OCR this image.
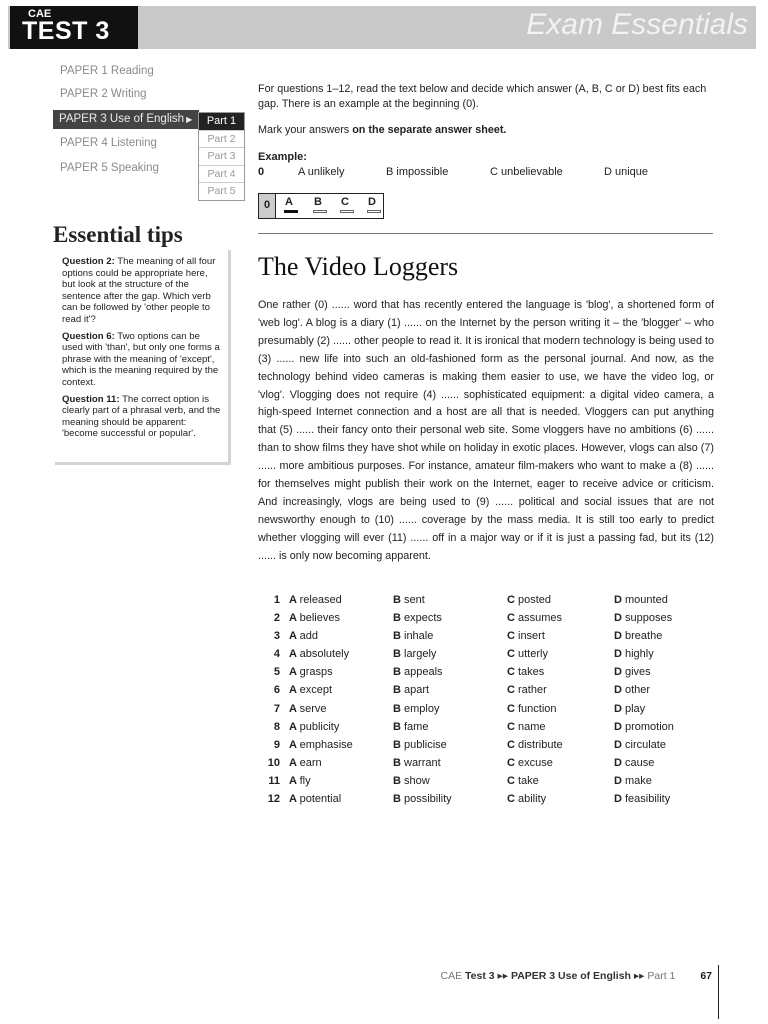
CAE
TEST 3	Exam Essentials
PAPER 1 Reading
PAPER 2 Writing
PAPER 3 Use of English ▶
PAPER 4 Listening
PAPER 5 Speaking
Part 1
Part 2
Part 3
Part 4
Part 5
Essential tips
Question 2: The meaning of all four options could be appropriate here, but look at the structure of the sentence after the gap. Which verb can be followed by 'other people to read it'?
Question 6: Two options can be used with 'than', but only one forms a phrase with the meaning of 'except', which is the meaning required by the context.
Question 11: The correct option is clearly part of a phrasal verb, and the meaning should be apparent: 'become successful or popular'.
For questions 1–12, read the text below and decide which answer (A, B, C or D) best fits each gap. There is an example at the beginning (0).
Mark your answers on the separate answer sheet.
Example:
0	A unlikely	B impossible	C unbelievable	D unique
0	A B C D
The Video Loggers
One rather (0) ...... word that has recently entered the language is 'blog', a shortened form of 'web log'. A blog is a diary (1) ...... on the Internet by the person writing it – the 'blogger' – who presumably (2) ...... other people to read it. It is ironical that modern technology is being used to (3) ...... new life into such an old-fashioned form as the personal journal. And now, as the technology behind video cameras is making them easier to use, we have the video log, or 'vlog'. Vlogging does not require (4) ...... sophisticated equipment: a digital video camera, a high-speed Internet connection and a host are all that is needed. Vloggers can put anything that (5) ...... their fancy onto their personal web site. Some vloggers have no ambitions (6) ...... than to show films they have shot while on holiday in exotic places. However, vlogs can also (7) ...... more ambitious purposes. For instance, amateur film-makers who want to make a (8) ...... for themselves might publish their work on the Internet, eager to receive advice or criticism. And increasingly, vlogs are being used to (9) ...... political and social issues that are not newsworthy enough to (10) ...... coverage by the mass media. It is still too early to predict whether vlogging will ever (11) ...... off in a major way or if it is just a passing fad, but its (12) ...... is only now becoming apparent.
1 A released	B sent	C posted	D mounted
2 A believes	B expects	C assumes	D supposes
3 A add	B inhale	C insert	D breathe
4 A absolutely	B largely	C utterly	D highly
5 A grasps	B appeals	C takes	D gives
6 A except	B apart	C rather	D other
7 A serve	B employ	C function	D play
8 A publicity	B fame	C name	D promotion
9 A emphasise	B publicise	C distribute	D circulate
10 A earn	B warrant	C excuse	D cause
11 A fly	B show	C take	D make
12 A potential	B possibility	C ability	D feasibility
CAE Test 3 ▸▸ PAPER 3 Use of English ▸▸ Part 1 67
